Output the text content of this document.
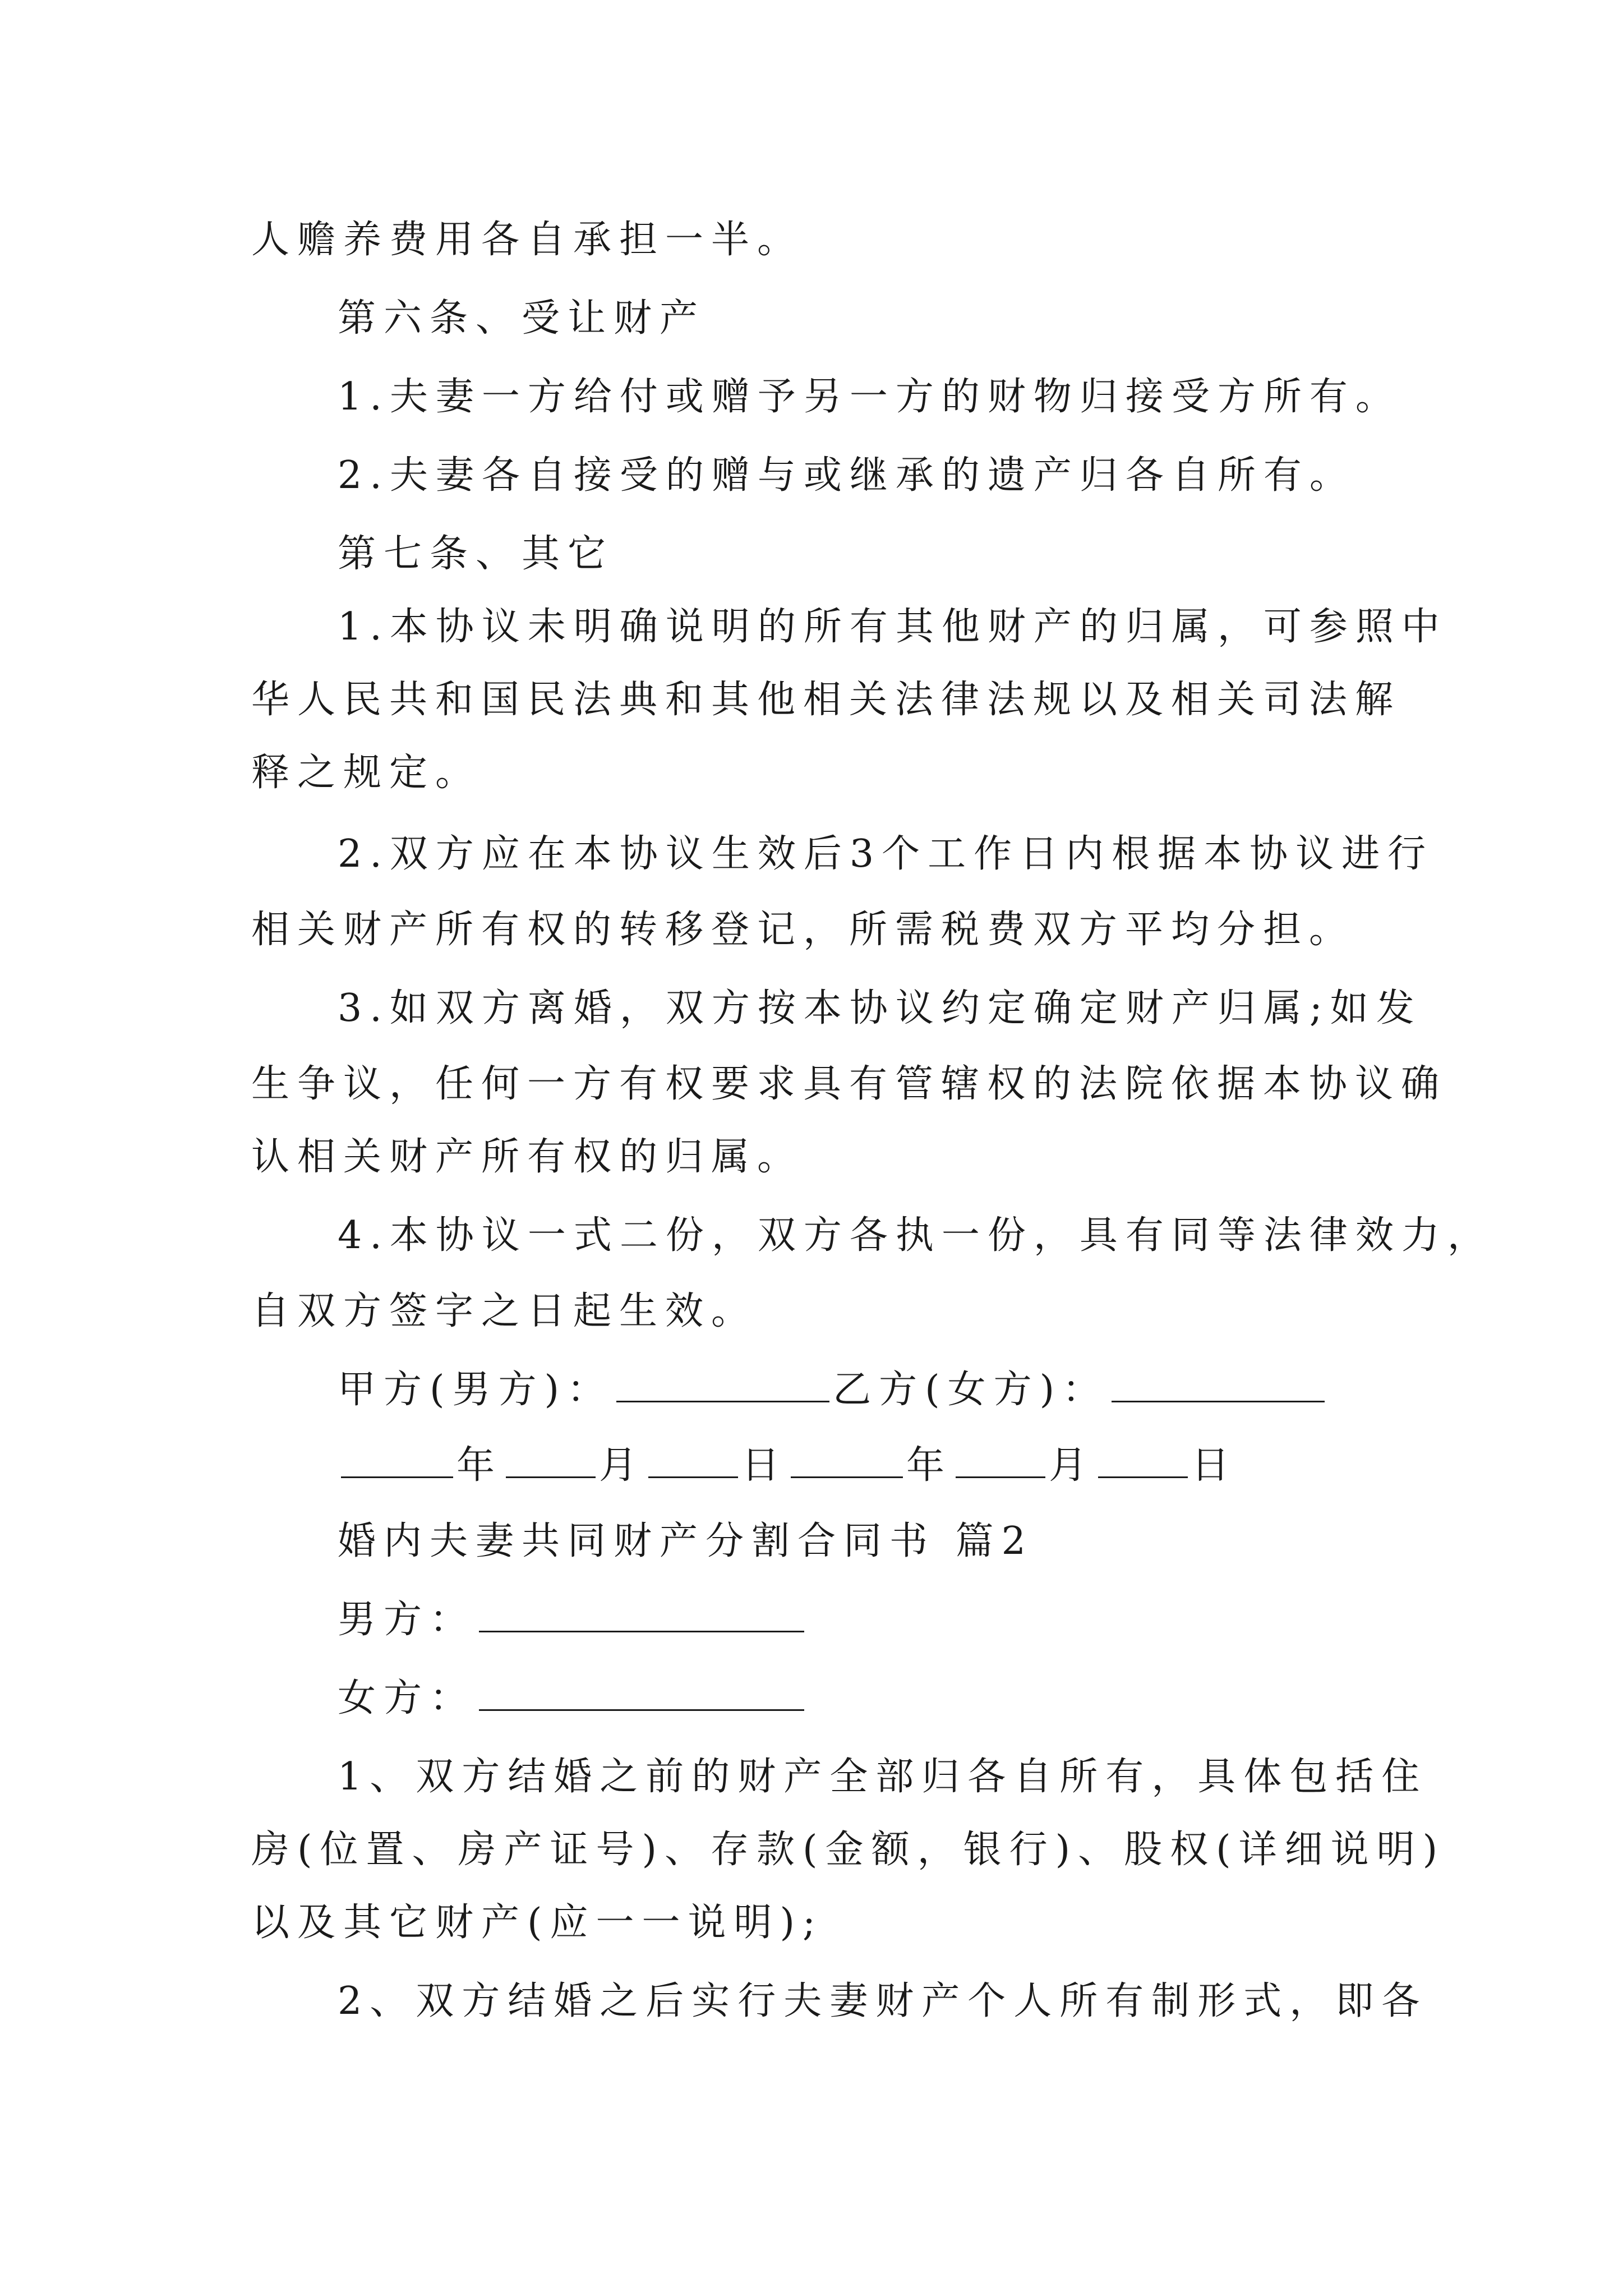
人赡养费用各自承担一半。
第六条、受让财产
1.夫妻一方给付或赠予另一方的财物归接受方所有。
2.夫妻各自接受的赠与或继承的遗产归各自所有。
第七条、其它
1.本协议未明确说明的所有其他财产的归属，可参照中
华人民共和国民法典和其他相关法律法规以及相关司法解
释之规定。
2.双方应在本协议生效后3个工作日内根据本协议进行
相关财产所有权的转移登记，所需税费双方平均分担。
3.如双方离婚，双方按本协议约定确定财产归属;如发
生争议，任何一方有权要求具有管辖权的法院依据本协议确
认相关财产所有权的归属。
4.本协议一式二份，双方各执一份，具有同等法律效力，
自双方签字之日起生效。
甲方(男方)：	乙方(女方)：
年	月	日	年	月	日
婚内夫妻共同财产分割合同书 篇2
男方：
女方：
1、双方结婚之前的财产全部归各自所有，具体包括住
房(位置、房产证号)、存款(金额，银行)、股权(详细说明)
以及其它财产(应一一说明);
2、双方结婚之后实行夫妻财产个人所有制形式，即各
